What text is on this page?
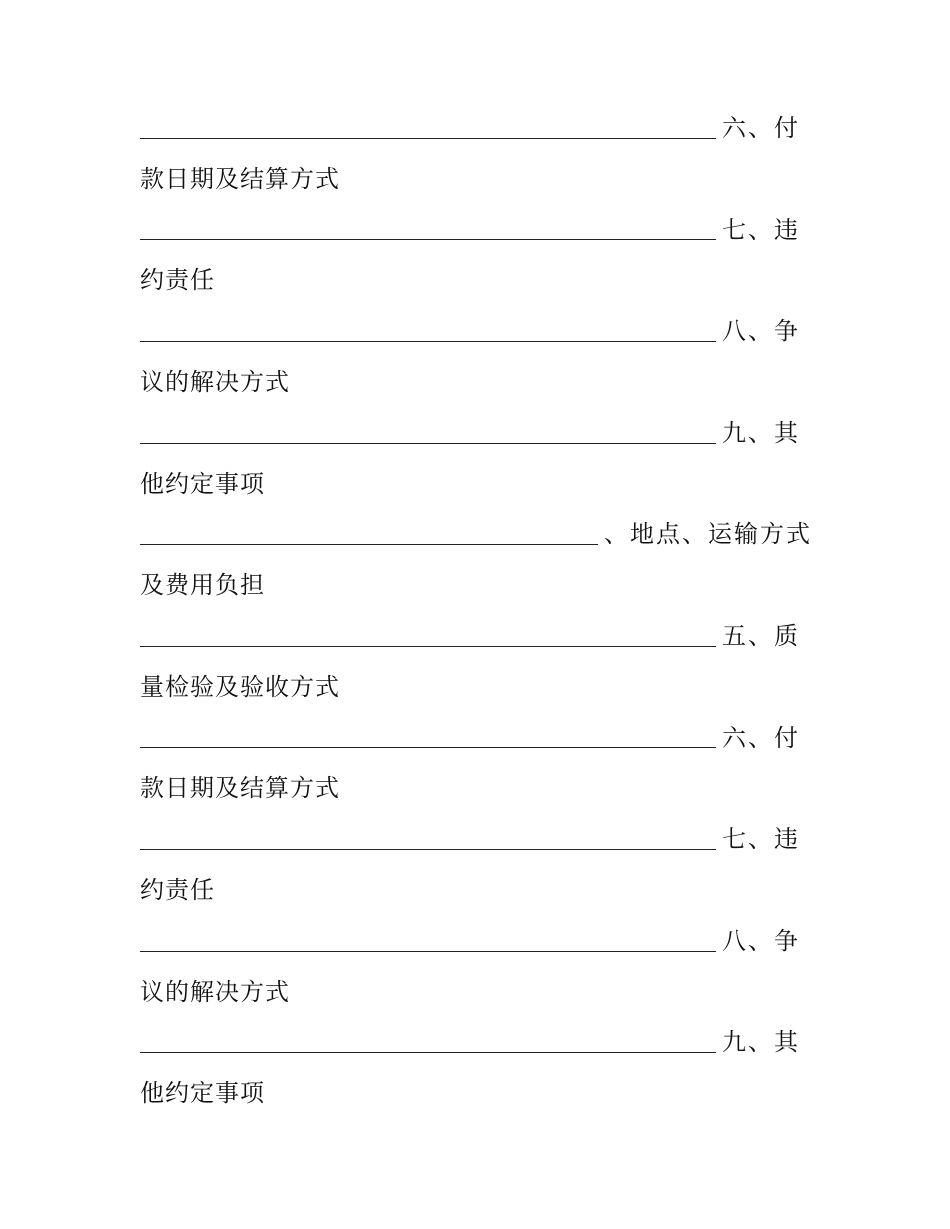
六、付
款日期及结算方式
七、违
约责任
八、争
议的解决方式
九、其
他约定事项
、地点、运输方式
及费用负担
五、质
量检验及验收方式
六、付
款日期及结算方式
七、违
约责任
八、争
议的解决方式
九、其
他约定事项
